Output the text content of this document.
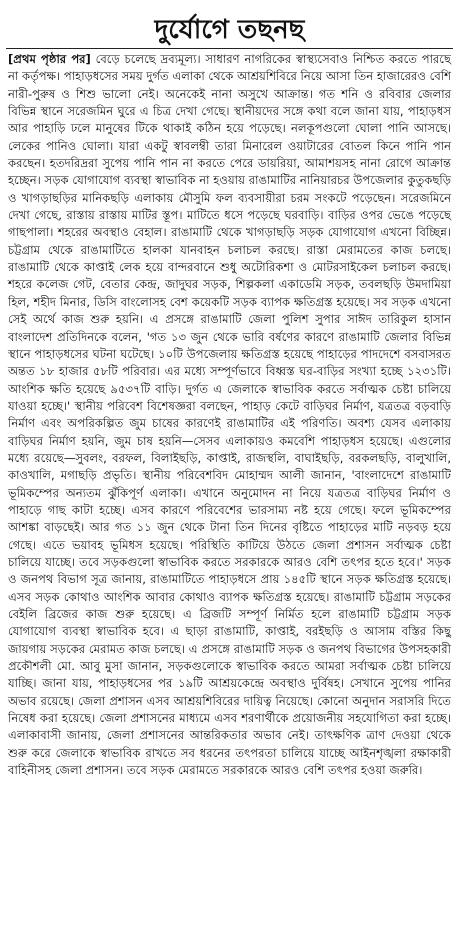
দুর্যোগে তছনছ

[প্রথম পৃষ্ঠার পর] বেড়ে চলেছে দ্রব্যমূল্য। সাধারণ নাগরিকের স্বাস্থ্যসেবাও নিশ্চিত করতে পারছে না কর্তৃপক্ষ। পাহাড়ধসের সময় দুর্গত এলাকা থেকে আশ্রয়শিবিরে নিয়ে আসা তিন হাজারেরও বেশি নারী-পুরুষ ও শিশু ভালো নেই। অনেকেই নানা অসুখে আক্রান্ত। গত শনি ও রবিবার জেলার বিভিন্ন স্থানে সরেজমিন ঘুরে এ চিত্র দেখা গেছে। স্থানীয়দের সঙ্গে কথা বলে জানা যায়, পাহাড়ধস আর পাহাড়ি ঢলে মানুষের টিকে থাকাই কঠিন হয়ে পড়েছে। নলকূপগুলো ঘোলা পানি আসছে। লেকের পানিও ঘোলা। যারা একটু স্বাবলম্বী তারা মিনারেল ওয়াটারের বোতল কিনে পানি পান করছেন। হতদরিদ্ররা সুপেয় পানি পান না করতে পেরে ডায়রিয়া, আমাশয়সহ নানা রোগে আক্রান্ত হচ্ছেন। সড়ক যোগাযোগ ব্যবস্থা স্বাভাবিক না হওয়ায় রাঙামাটির নানিয়ারচর উপজেলার কুতুকছড়ি ও খাগড়াছড়ির মানিকছড়ি এলাকায় মৌসুমি ফল ব্যবসায়ীরা চরম সংকটে পড়েছেন। সরেজমিনে দেখা গেছে, রাস্তায় রাস্তায় মাটির স্তূপ। মাটিতে ধসে পড়েছে ঘরবাড়ি। বাড়ির ওপর ভেঙে পড়েছে গাছপালা। শহরের অবস্থাও বেহাল। রাঙামাটি থেকে খাগড়াছড়ি সড়ক যোগাযোগ এখনো বিচ্ছিন্ন। চট্টগ্রাম থেকে রাঙামাটিতে হালকা যানবাহন চলাচল করছে। রাস্তা মেরামতের কাজ চলছে। রাঙামাটি থেকে কাপ্তাই লেক হয়ে বান্দরবানে শুধু অটোরিকশা ও মোটরসাইকেল চলাচল করছে। শহরে কলেজ গেট, বেতার কেন্দ্র, জাদুঘর সড়ক, শিল্পকলা একাডেমি সড়ক, তবলছড়ি উমদামিয়া হিল, শহীদ মিনার, ডিসি বাংলোসহ বেশ কয়েকটি সড়ক ব্যাপক ক্ষতিগ্রস্ত হয়েছে। সব সড়ক এখনো সেই অর্থে কাজ শুরু হয়নি। এ প্রসঙ্গে রাঙামাটি জেলা পুলিশ সুপার সাঈদ তারিকুল হাসান বাংলাদেশ প্রতিদিনকে বলেন, 'গত ১৩ জুন থেকে ভারি বর্ষণের কারণে রাঙামাটি জেলার বিভিন্ন স্থানে পাহাড়ধসের ঘটনা ঘটেছে। ১০টি উপজেলায় ক্ষতিগ্রস্ত হয়েছে পাহাড়ের পাদদেশে বসবাসরত অন্তত ১৮ হাজার ৫৮টি পরিবার। এর মধ্যে সম্পূর্ণভাবে বিধ্বস্ত ঘর-বাড়ির সংখ্যা হচ্ছে ১২৩১টি। আংশিক ক্ষতি হয়েছে ৯৫৩৭টি বাড়ি। দুর্গত এ জেলাকে স্বাভাবিক করতে সর্বাত্মক চেষ্টা চালিয়ে যাওয়া হচ্ছে।' স্থানীয় পরিবেশ বিশেষজ্ঞরা বলছেন, পাহাড় কেটে বাড়িঘর নির্মাণ, যত্রতত্র বড়বাড়ি নির্মাণ এবং অপরিকল্পিত জুম চাষের কারণেই রাঙামাটির এই পরিণতি। অবশ্য যেসব এলাকায় বাড়িঘর নির্মাণ হয়নি, জুম চাষ হয়নি—সেসব এলাকায়ও কমবেশি পাহাড়ধস হয়েছে। এগুলোর মধ্যে রয়েছে—সুবলং, বরফল, বিলাইছড়ি, কাপ্তাই, রাজস্থলি, বাঘাইছড়ি, বরকলছড়ি, বালুখালি, কাওখালি, মগাছড়ি প্রভৃতি। স্থানীয় পরিবেশবিদ মোহাম্মদ আলী জানান, 'বাংলাদেশে রাঙামাটি ভূমিকম্পের অন্যতম ঝুঁকিপূর্ণ এলাকা। এখানে অনুমোদন না নিয়ে যত্রতত্র বাড়িঘর নির্মাণ ও পাহাড়ে গাছ কাটা হচ্ছে। এসব কারণে পরিবেশের ভারসাম্য নষ্ট হয়ে গেছে। ফলে ভূমিকম্পের আশঙ্কা বাড়ছেই। আর গত ১১ জুন থেকে টানা তিন দিনের বৃষ্টিতে পাহাড়ের মাটি নড়বড় হয়ে গেছে। এতে ভয়াবহ ভূমিধস হয়েছে। পরিস্থিতি কাটিয়ে উঠতে জেলা প্রশাসন সর্বাত্মক চেষ্টা চালিয়ে যাচ্ছে। তবে সড়কগুলো স্বাভাবিক করতে সরকারকে আরও বেশি তৎপর হতে হবে।' সড়ক ও জনপথ বিভাগ সূত্র জানায়, রাঙামাটিতে পাহাড়ধসে প্রায় ১৪৫টি স্থানে সড়ক ক্ষতিগ্রস্ত হয়েছে। এসব সড়ক কোথাও আংশিক আবার কোথাও ব্যাপক ক্ষতিগ্রস্ত হয়েছে। রাঙামাটি চট্টগ্রাম সড়কের বেইলি ব্রিজের কাজ শুরু হয়েছে। এ ব্রিজটি সম্পূর্ণ নির্মিত হলে রাঙামাটি চট্টগ্রাম সড়ক যোগাযোগ ব্যবস্থা স্বাভাবিক হবে। এ ছাড়া রাঙামাটি, কাপ্তাই, বরইছড়ি ও আসাম বস্তির কিছু জায়গায় সড়কের মেরামত কাজ চলছে। এ প্রসঙ্গে রাঙামাটি সড়ক ও জনপথ বিভাগের উপসহকারী প্রকৌশলী মো. আবু মুসা জানান, সড়কগুলোকে স্বাভাবিক করতে আমরা সর্বাত্মক চেষ্টা চালিয়ে যাচ্ছি। জানা যায়, পাহাড়ধসের পর ১৯টি আশ্রয়কেন্দ্রে অবস্থাও দুর্বিষহ। সেখানে সুপেয় পানির অভাব রয়েছে। জেলা প্রশাসন এসব আশ্রয়শিবিরের দায়িত্ব নিয়েছে। কোনো অনুদান সরাসরি দিতে নিষেধ করা হয়েছে। জেলা প্রশাসনের মাধ্যমে এসব শরণার্থীকে প্রয়োজনীয় সহযোগিতা করা হচ্ছে। এলাকাবাসী জানায়, জেলা প্রশাসনের আন্তরিকতার অভাব নেই। তাৎক্ষণিক ত্রাণ দেওয়া থেকে শুরু করে জেলাকে স্বাভাবিক রাখতে সব ধরনের তৎপরতা চালিয়ে যাচ্ছে আইনশৃঙ্খলা রক্ষাকারী বাহিনীসহ জেলা প্রশাসন। তবে সড়ক মেরামতে সরকারকে আরও বেশি তৎপর হওয়া জরুরি।
